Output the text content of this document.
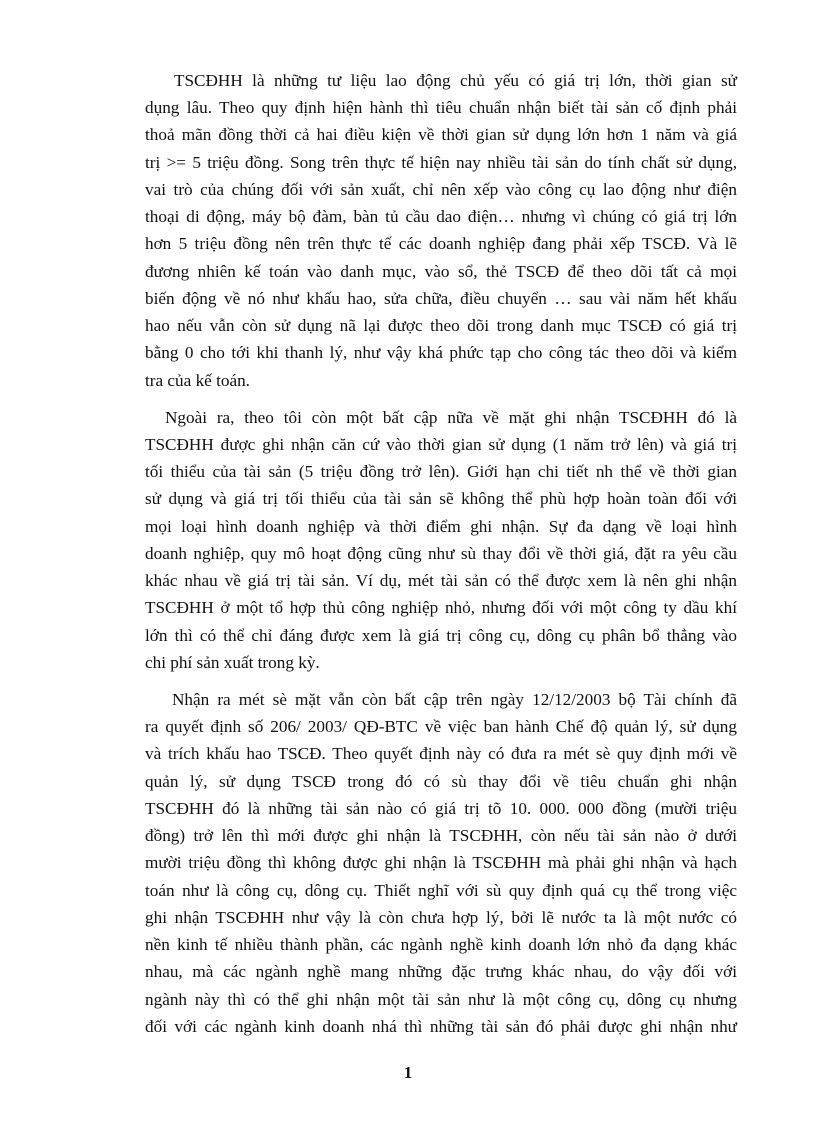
TSCĐHH là những tư liệu lao động chủ yếu có giá trị lớn, thời gian sử
dụng lâu. Theo quy định hiện hành thì tiêu chuẩn nhận biết tài sản cố định phải
thoả mãn đồng thời cả hai điều kiện về thời gian sử dụng lớn hơn 1 năm và giá
trị >= 5 triệu đồng. Song trên thực tế hiện nay nhiều tài sản do tính chất sử dụng,
vai trò của chúng đối với sản xuất, chỉ nên xếp vào công cụ lao động như điện
thoại di động, máy bộ đàm, bàn tủ cầu dao điện… nhưng vì chúng có giá trị lớn
hơn 5 triệu đồng nên trên thực tế các doanh nghiệp đang phải xếp TSCĐ. Và lẽ
đương nhiên kế toán vào danh mục, vào sổ, thẻ TSCĐ để theo dõi tất cả mọi
biến động về nó như khấu hao, sửa chữa, điều chuyển … sau vài năm hết khấu
hao nếu vẫn còn sử dụng nã lại được theo dõi trong danh mục TSCĐ có giá trị
bằng 0 cho tới khi thanh lý, như vậy khá phức tạp cho công tác theo dõi và kiểm
tra của kế toán.
Ngoài ra, theo tôi còn một bất cập nữa về mặt ghi nhận TSCĐHH đó là
TSCĐHH được ghi nhận căn cứ vào thời gian sử dụng (1 năm trở lên) và giá trị
tối thiểu của tài sản (5 triệu đồng trở lên). Giới hạn chi tiết nh thể về thời gian
sử dụng và giá trị tối thiểu của tài sản sẽ không thể phù hợp hoàn toàn đối với
mọi loại hình doanh nghiệp và thời điểm ghi nhận. Sự đa dạng về loại hình
doanh nghiệp, quy mô hoạt động cũng như sù thay đổi về thời giá, đặt ra yêu cầu
khác nhau về giá trị tài sản. Ví dụ, mét tài sản có thể được xem là nên ghi nhận
TSCĐHH ở một tổ hợp thủ công nghiệp nhỏ, nhưng đối với một công ty dầu khí
lớn thì có thể chỉ đáng được xem là giá trị công cụ, dông cụ phân bổ thẳng vào
chi phí sản xuất trong kỳ.
Nhận ra mét sè mặt vẫn còn bất cập trên ngày 12/12/2003 bộ Tài chính đã
ra quyết định số 206/ 2003/ QĐ-BTC về việc ban hành Chế độ quản lý, sử dụng
và trích khấu hao TSCĐ. Theo quyết định này có đưa ra mét sè quy định mới về
quản lý, sử dụng TSCĐ trong đó có sù thay đổi về tiêu chuẩn ghi nhận
TSCĐHH đó là những tài sản nào có giá trị tõ 10. 000. 000 đồng (mười triệu
đồng) trở lên thì mới được ghi nhận là TSCĐHH, còn nếu tài sản nào ở dưới
mười triệu đồng thì không được ghi nhận là TSCĐHH mà phải ghi nhận và hạch
toán như là công cụ, dông cụ. Thiết nghĩ với sù quy định quá cụ thể trong việc
ghi nhận TSCĐHH như vậy là còn chưa hợp lý, bởi lẽ nước ta là một nước có
nền kinh tế nhiều thành phần, các ngành nghề kinh doanh lớn nhỏ đa dạng khác
nhau, mà các ngành nghề mang những đặc trưng khác nhau, do vậy đối với
ngành này thì có thể ghi nhận một tài sản như là một công cụ, dông cụ nhưng
đối với các ngành kinh doanh nhá thì những tài sản đó phải được ghi nhận như
1
